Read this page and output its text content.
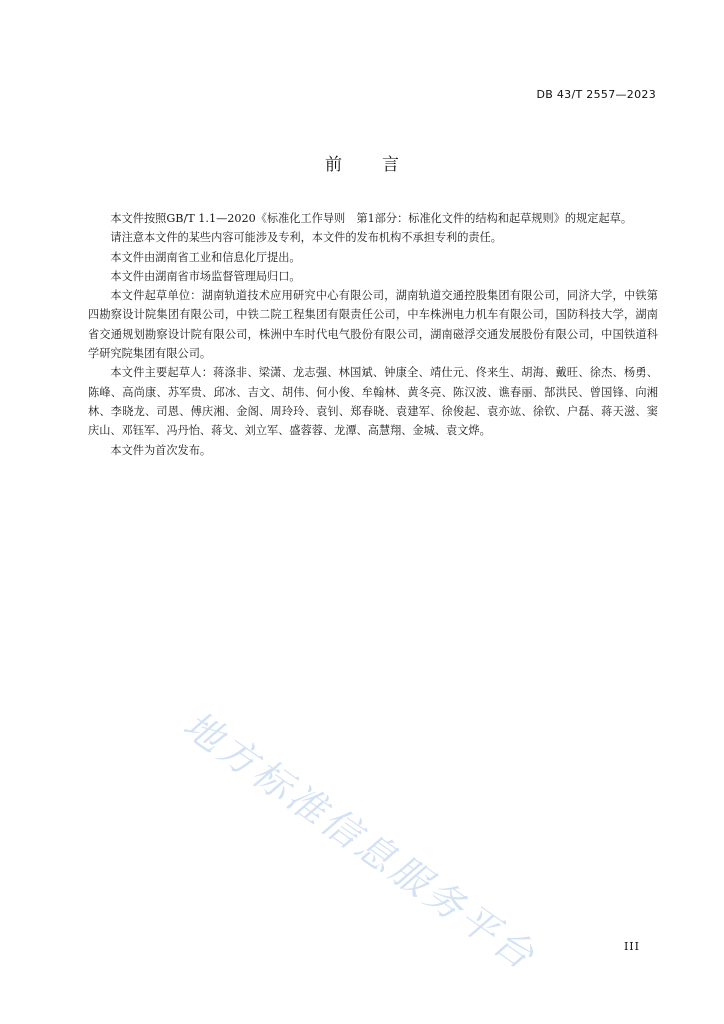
DB 43/T 2557—2023
前言

本文件按照GB/T 1.1—2020《标准化工作导则　第1部分：标准化文件的结构和起草规则》的规定起草。

请注意本文件的某些内容可能涉及专利，本文件的发布机构不承担专利的责任。

本文件由湖南省工业和信息化厅提出。

本文件由湖南省市场监督管理局归口。

本文件起草单位：湖南轨道技术应用研究中心有限公司，湖南轨道交通控股集团有限公司，同济大学，中铁第四勘察设计院集团有限公司，中铁二院工程集团有限责任公司，中车株洲电力机车有限公司，国防科技大学，湖南省交通规划勘察设计院有限公司，株洲中车时代电气股份有限公司，湖南磁浮交通发展股份有限公司，中国铁道科学研究院集团有限公司。

本文件主要起草人：蒋涤非、梁潇、龙志强、林国斌、钟康全、靖仕元、佟来生、胡海、戴旺、徐杰、杨勇、陈峰、高尚康、苏军贵、邱冰、吉文、胡伟、何小俊、牟翰林、黄冬亮、陈汉波、谯春丽、郜洪民、曾国锋、向湘林、李晓龙、司恩、傅庆湘、金阁、周玲玲、袁钊、郑春晓、袁建军、徐俊起、袁亦竑、徐钦、户磊、蒋天滋、窦庆山、邓钰军、冯丹怡、蒋戈、刘立军、盛蓉蓉、龙潭、高慧翔、金城、袁文烨。

本文件为首次发布。

地方标准信息服务平台	III
